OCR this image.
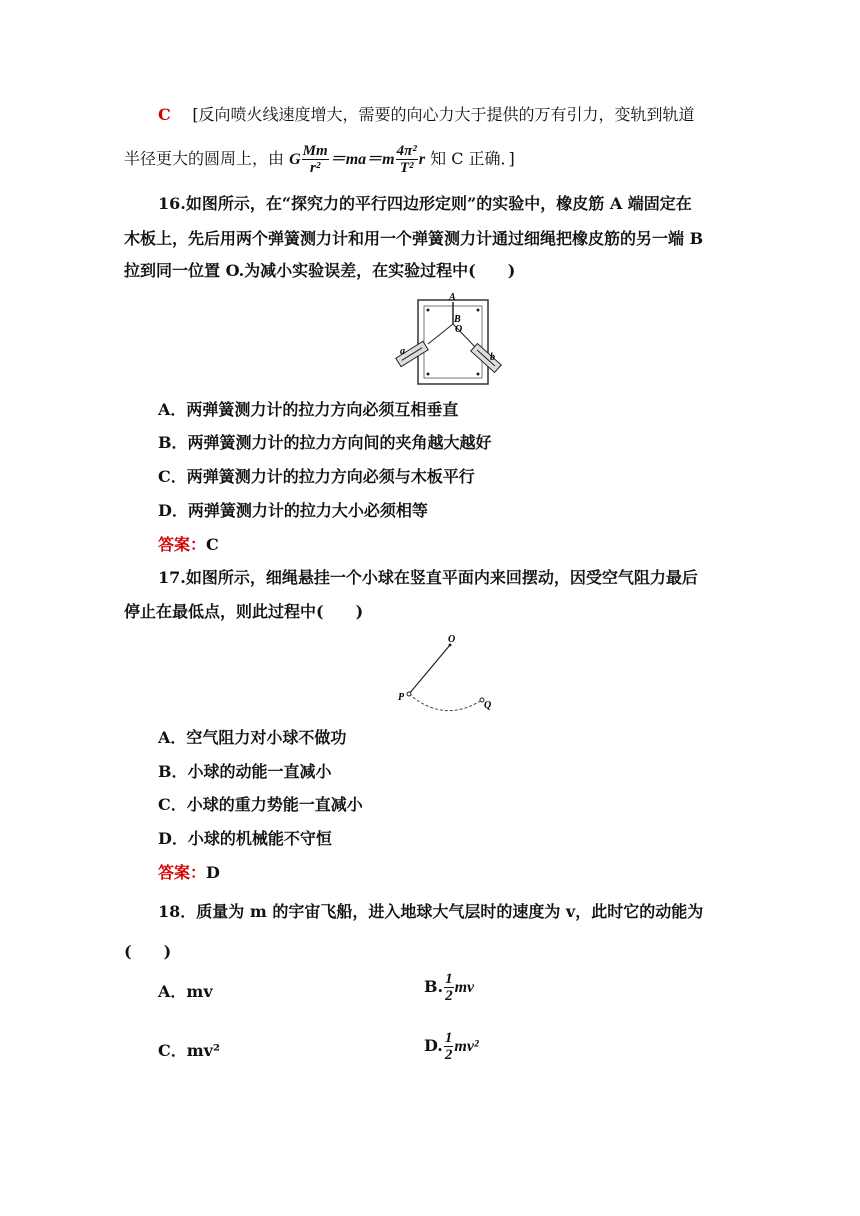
C [反向喷火线速度增大，需要的向心力大于提供的万有引力，变轨到轨道
半径更大的圆周上，由 G $\frac{Mm}{\text{r²}} =ma=m \frac{\text{4π²}}{\text{T²}}$ r 知 C 正确．]
16.如图所示，在“探究力的平行四边形定则”的实验中，橡皮筋 A 端固定在
木板上，先后用两个弹簧测力计和用一个弹簧测力计通过细绳把橡皮筋的另一端 B
拉到同一位置 O.为减小实验误差，在实验过程中(　　)
A
B
O
a
b
A．两弹簧测力计的拉力方向必须互相垂直
B．两弹簧测力计的拉力方向间的夹角越大越好
C．两弹簧测力计的拉力方向必须与木板平行
D．两弹簧测力计的拉力大小必须相等
答案：C
17.如图所示，细绳悬挂一个小球在竖直平面内来回摆动，因受空气阻力最后
停止在最低点，则此过程中(　　)
O
P
Q
A．空气阻力对小球不做功
B．小球的动能一直减小
C．小球的重力势能一直减小
D．小球的机械能不守恒
答案：D
18．质量为 m 的宇宙飞船，进入地球大气层时的速度为 v，此时它的动能为
(　　)
A．mv	B. $\frac{1}{2}$ mv
C．mv²	D. $\frac{1}{2} mv^2$
